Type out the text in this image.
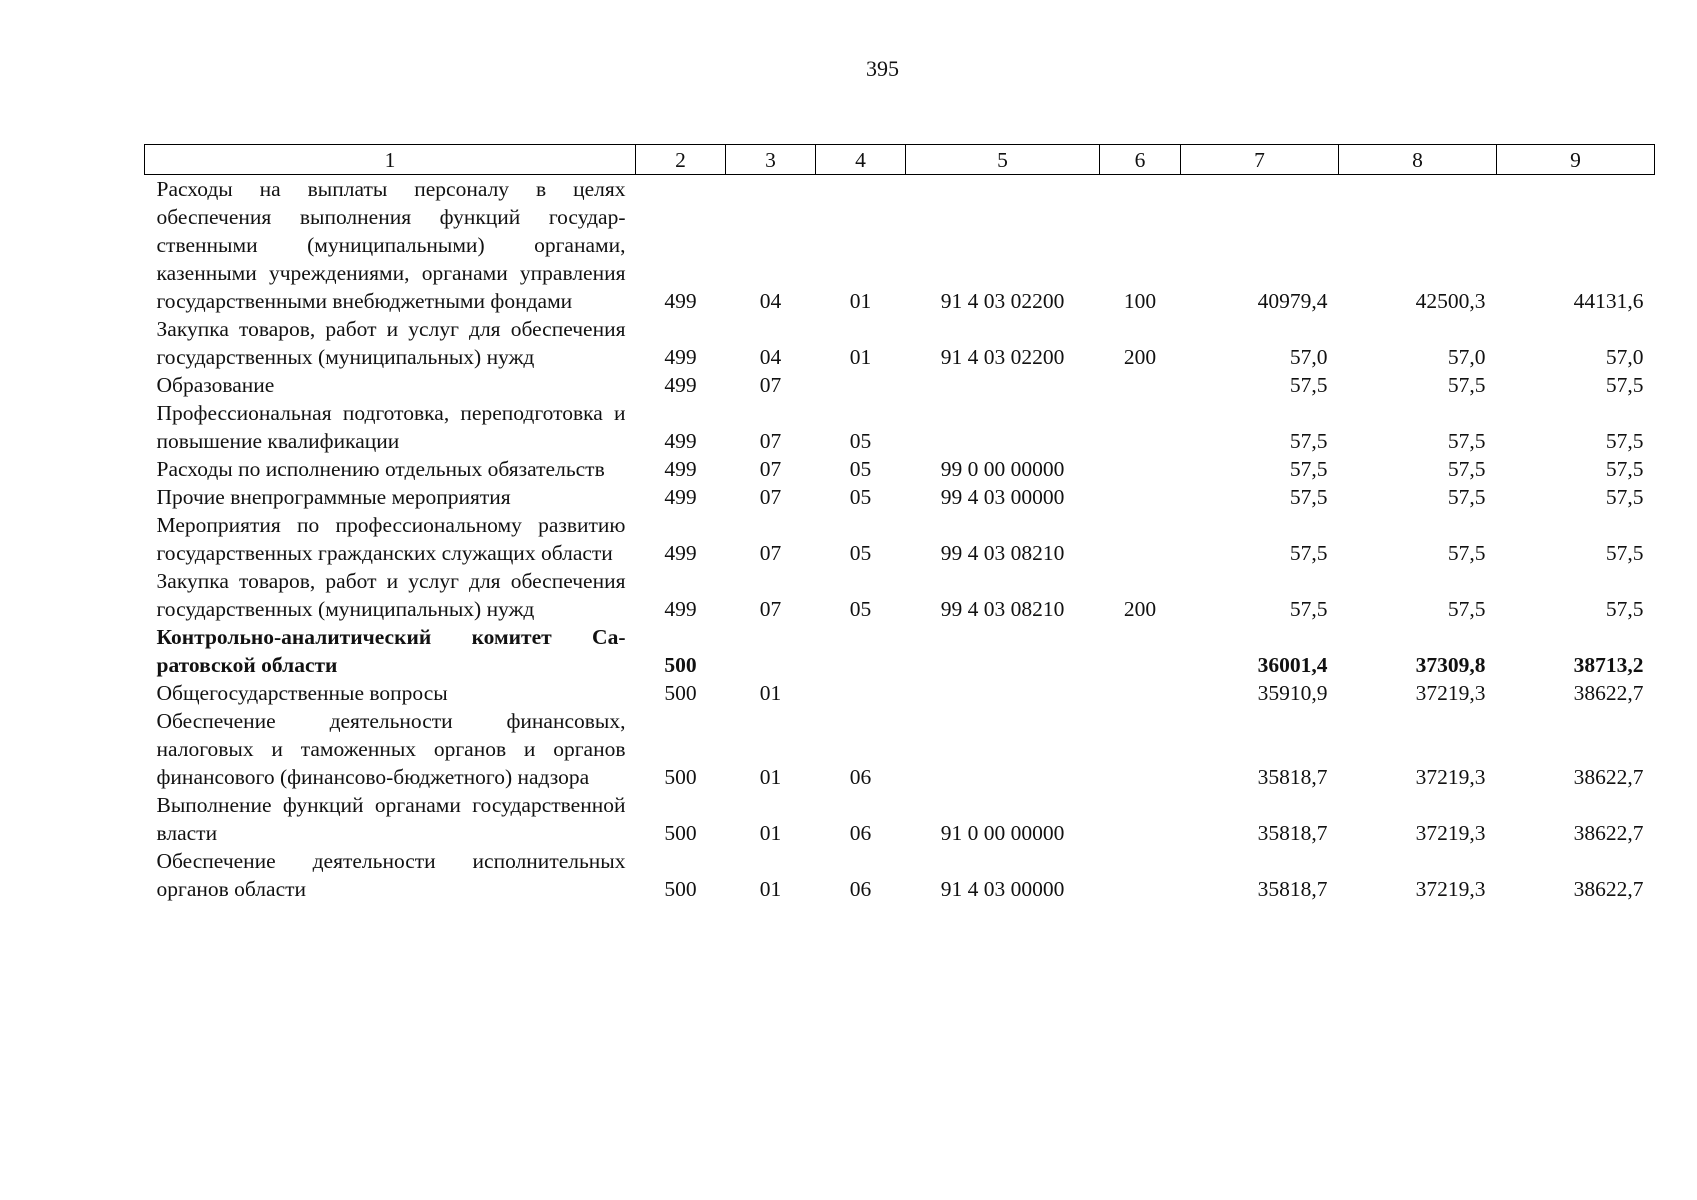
395
1	2	3	4	5	6	7	8	9
Расходы на выплаты персоналу в целях обеспечения выполнения функций государственными (муниципальными) органами, казенными учреждениями, органами управления государственными внебюджетными фондами	499	04	01	91 4 03 02200	100	40979,4	42500,3	44131,6
Закупка товаров, работ и услуг для обеспечения государственных (муниципальных) нужд	499	04	01	91 4 03 02200	200	57,0	57,0	57,0
Образование	499	07				57,5	57,5	57,5
Профессиональная подготовка, переподготовка и повышение квалификации	499	07	05			57,5	57,5	57,5
Расходы по исполнению отдельных обязательств	499	07	05	99 0 00 00000		57,5	57,5	57,5
Прочие внепрограммные мероприятия	499	07	05	99 4 03 00000		57,5	57,5	57,5
Мероприятия по профессиональному развитию государственных гражданских служащих области	499	07	05	99 4 03 08210		57,5	57,5	57,5
Закупка товаров, работ и услуг для обеспечения государственных (муниципальных) нужд	499	07	05	99 4 03 08210	200	57,5	57,5	57,5
Контрольно-аналитический комитет Саратовской области	500					36001,4	37309,8	38713,2
Общегосударственные вопросы	500	01				35910,9	37219,3	38622,7
Обеспечение деятельности финансовых, налоговых и таможенных органов и органов финансового (финансово-бюджетного) надзора	500	01	06			35818,7	37219,3	38622,7
Выполнение функций органами государственной власти	500	01	06	91 0 00 00000		35818,7	37219,3	38622,7
Обеспечение деятельности исполнительных органов области	500	01	06	91 4 03 00000		35818,7	37219,3	38622,7
